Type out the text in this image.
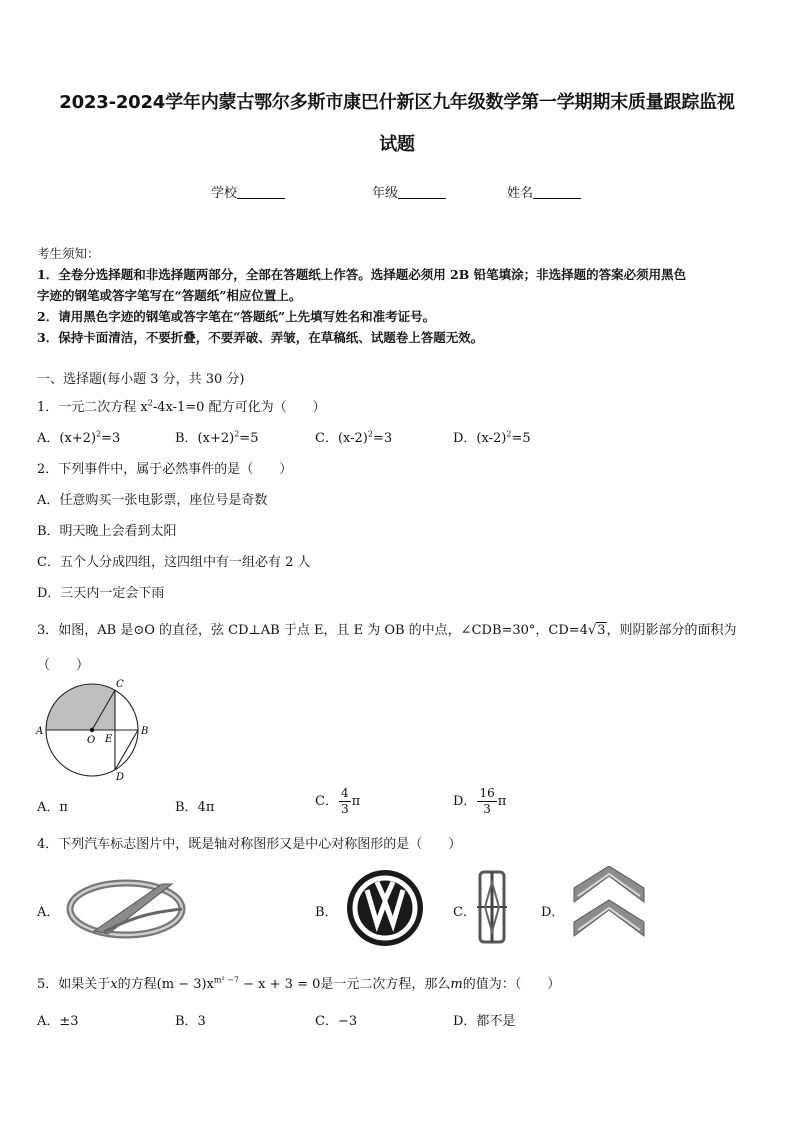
2023-2024学年内蒙古鄂尔多斯市康巴什新区九年级数学第一学期期末质量跟踪监视
试题
学校	年级	姓名
考生须知：
1．全卷分选择题和非选择题两部分，全部在答题纸上作答。选择题必须用 2B 铅笔填涂；非选择题的答案必须用黑色
字迹的钢笔或答字笔写在“答题纸”相应位置上。
2．请用黑色字迹的钢笔或答字笔在“答题纸”上先填写姓名和准考证号。
3．保持卡面清洁，不要折叠，不要弄破、弄皱，在草稿纸、试题卷上答题无效。
一、选择题(每小题 3 分，共 30 分)
1．一元二次方程 $x^2-4x-1=0$ 配方可化为（　　）
A．$(x+2)^2=3$	B．$(x+2)^2=5$	C．$(x-2)^2=3$	D．$(x-2)^2=5$
2．下列事件中，属于必然事件的是（　　）
A．任意购买一张电影票，座位号是奇数
B．明天晚上会看到太阳
C．五个人分成四组，这四组中有一组必有 2 人
D．三天内一定会下雨
3．如图，AB 是⊙O 的直径，弦 CD⊥AB 于点 E，且 E 为 OB 的中点，∠CDB=30°，CD=4√3，则阴影部分的面积为
（　　）
A	B
C
D
O E
A．π	B．4π	C． $\frac{4}{3}$ π	D． $\frac{16}{3}$ π
4．下列汽车标志图片中，既是轴对称图形又是中心对称图形的是（　　）
A．	B．	C．	D．
5．如果关于x的方程$(m - 3)x^{m^2 -7} - x + 3 = 0$是一元二次方程，那么m的值为：（　　）
A．±3	B．3	C．−3	D．都不是
